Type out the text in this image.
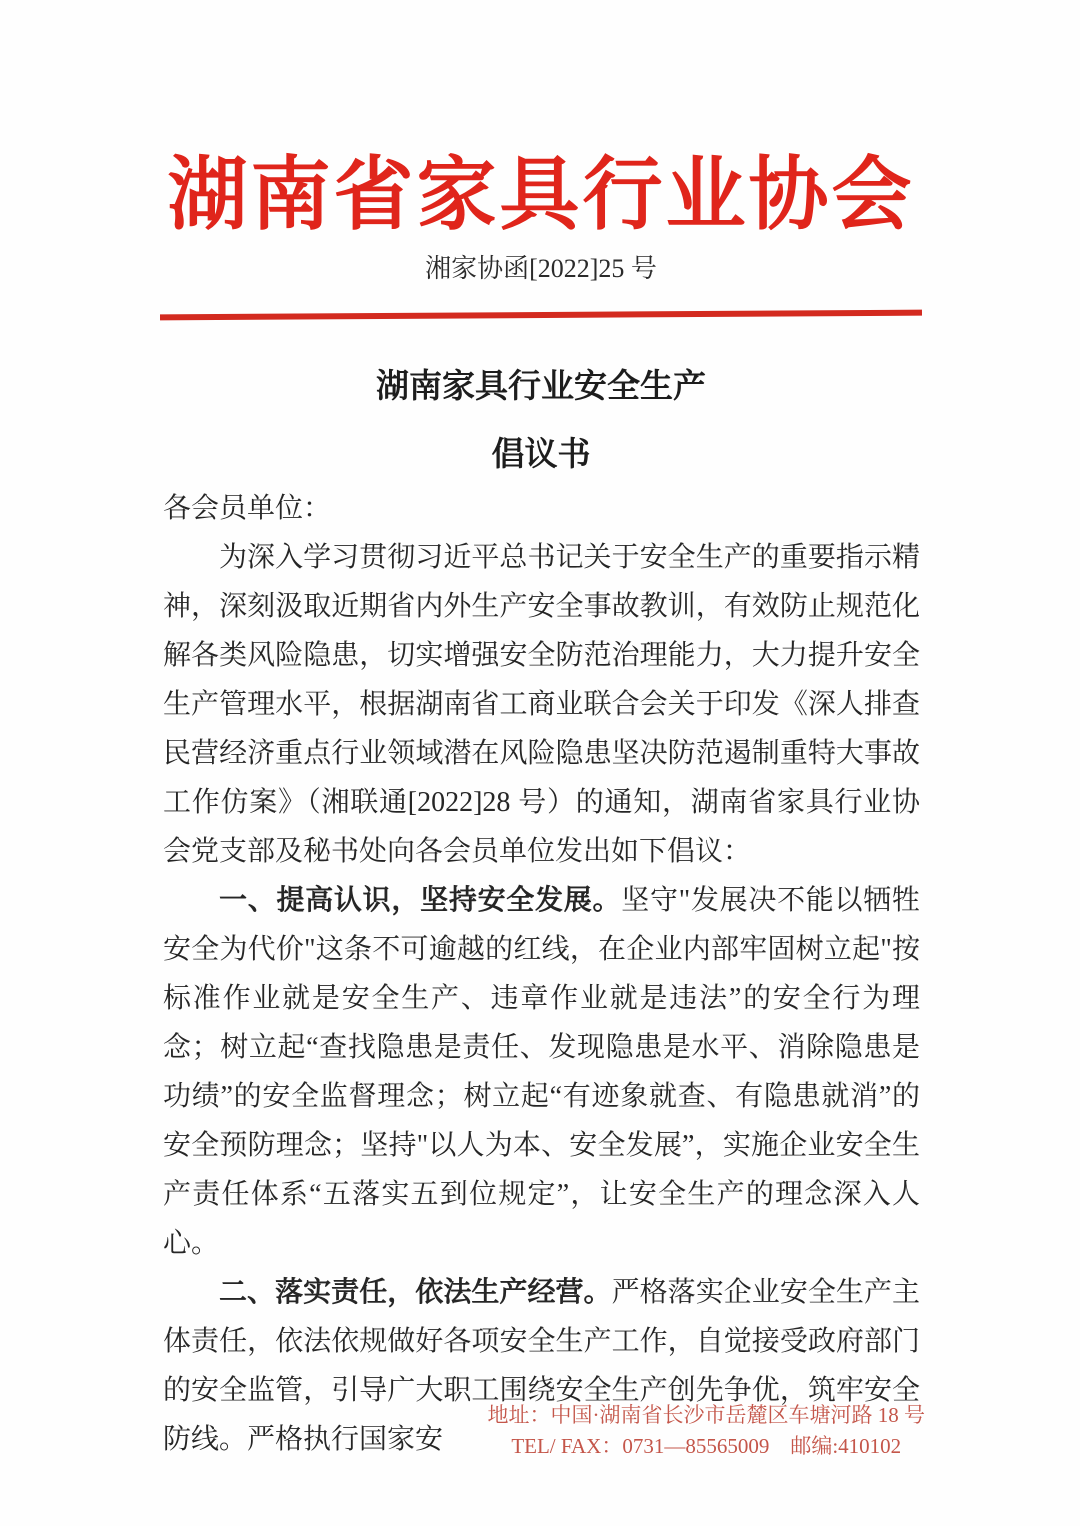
湖南省家具行业协会
湘家协函[2022]25 号
湖南家具行业安全生产
倡议书

各会员单位：

为深入学习贯彻习近平总书记关于安全生产的重要指示精神，深刻汲取近期省内外生产安全事故教训，有效防止规范化解各类风险隐患，切实增强安全防范治理能力，大力提升安全生产管理水平，根据湖南省工商业联合会关于印发《深人排查民营经济重点行业领域潜在风险隐患坚决防范遏制重特大事故工作仿案》（湘联通[2022]28 号）的通知，湖南省家具行业协会党支部及秘书处向各会员单位发出如下倡议：

一、提高认识，坚持安全发展。坚守"发展决不能以牺牲安全为代价"这条不可逾越的红线，在企业内部牢固树立起"按标准作业就是安全生产、违章作业就是违法”的安全行为理念；树立起“查找隐患是责任、发现隐患是水平、消除隐患是功绩”的安全监督理念；树立起“有迹象就查、有隐患就消”的安全预防理念；坚持"以人为本、安全发展”，实施企业安全生产责任体系“五落实五到位规定”，让安全生产的理念深入人心。

二、落实责任，依法生产经营。严格落实企业安全生产主体责任，依法依规做好各项安全生产工作，自觉接受政府部门的安全监管，引导广大职工围绕安全生产创先争优，筑牢安全防线。严格执行国家安

地址：中国·湖南省长沙市岳麓区车塘河路 18 号
TEL/ FAX：0731—85565009　邮编:410102
